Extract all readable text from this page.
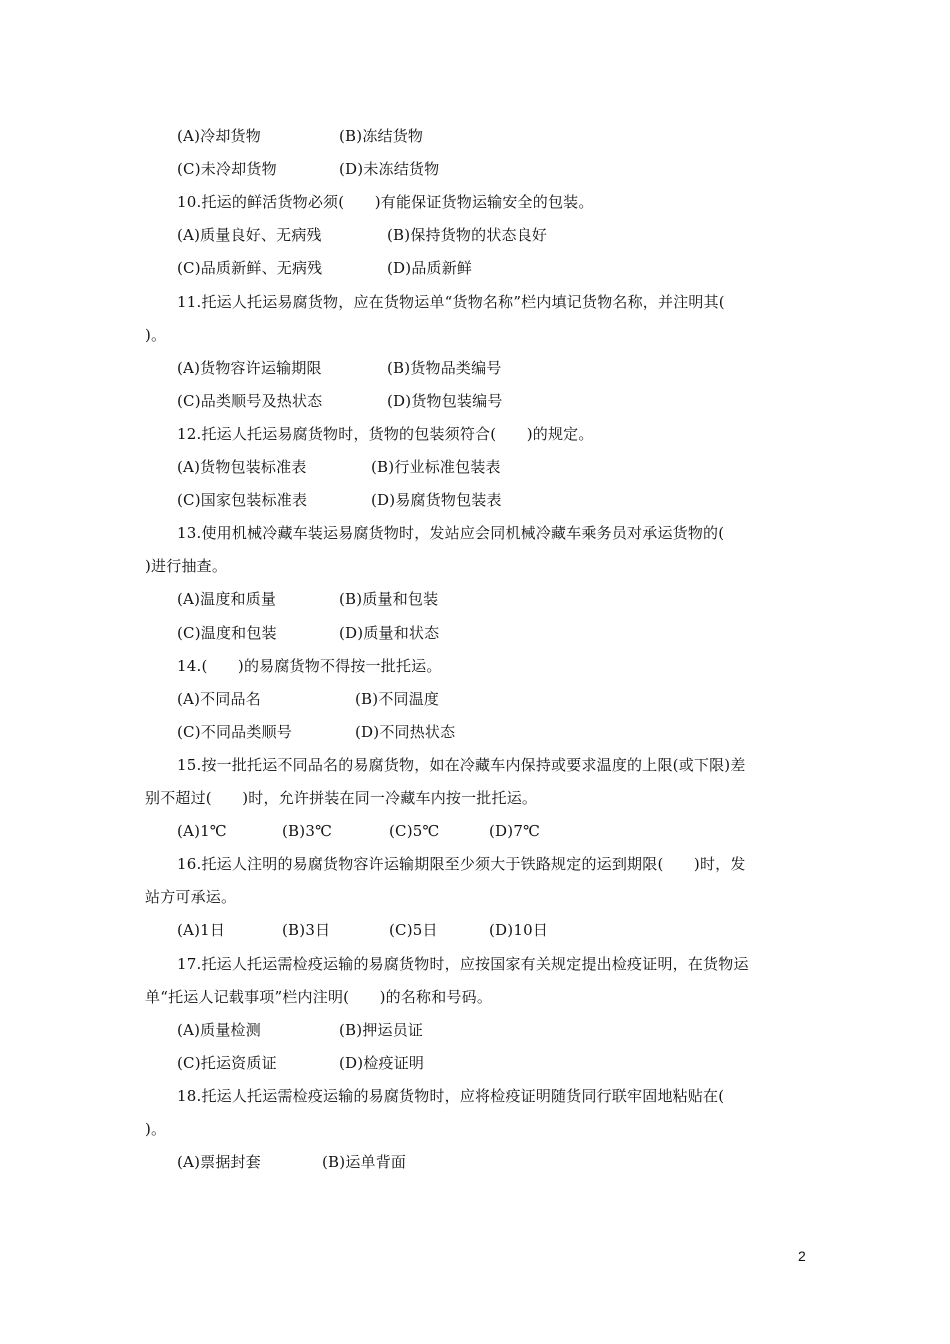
(A)冷却货物	(B)冻结货物
(C)未冷却货物	(D)未冻结货物
10.托运的鲜活货物必须(　　)有能保证货物运输安全的包装。
(A)质量良好、无病残	(B)保持货物的状态良好
(C)品质新鲜、无病残	(D)品质新鲜
11.托运人托运易腐货物，应在货物运单“货物名称”栏内填记货物名称，并注明其(
)。
(A)货物容许运输期限	(B)货物品类编号
(C)品类顺号及热状态	(D)货物包装编号
12.托运人托运易腐货物时，货物的包装须符合(　　)的规定。
(A)货物包装标准表	(B)行业标准包装表
(C)国家包装标准表	(D)易腐货物包装表
13.使用机械冷藏车装运易腐货物时，发站应会同机械冷藏车乘务员对承运货物的(
)进行抽查。
(A)温度和质量	(B)质量和包装
(C)温度和包装	(D)质量和状态
14.(　　)的易腐货物不得按一批托运。
(A)不同品名	(B)不同温度
(C)不同品类顺号	(D)不同热状态
15.按一批托运不同品名的易腐货物，如在冷藏车内保持或要求温度的上限(或下限)差
别不超过(　　)时，允许拼装在同一冷藏车内按一批托运。
(A)1℃	(B)3℃	(C)5℃	(D)7℃
16.托运人注明的易腐货物容许运输期限至少须大于铁路规定的运到期限(　　)时，发
站方可承运。
(A)1日	(B)3日	(C)5日	(D)10日
17.托运人托运需检疫运输的易腐货物时，应按国家有关规定提出检疫证明，在货物运
单“托运人记载事项”栏内注明(　　)的名称和号码。
(A)质量检测	(B)押运员证
(C)托运资质证	(D)检疫证明
18.托运人托运需检疫运输的易腐货物时，应将检疫证明随货同行联牢固地粘贴在(
)。
(A)票据封套	(B)运单背面
2
